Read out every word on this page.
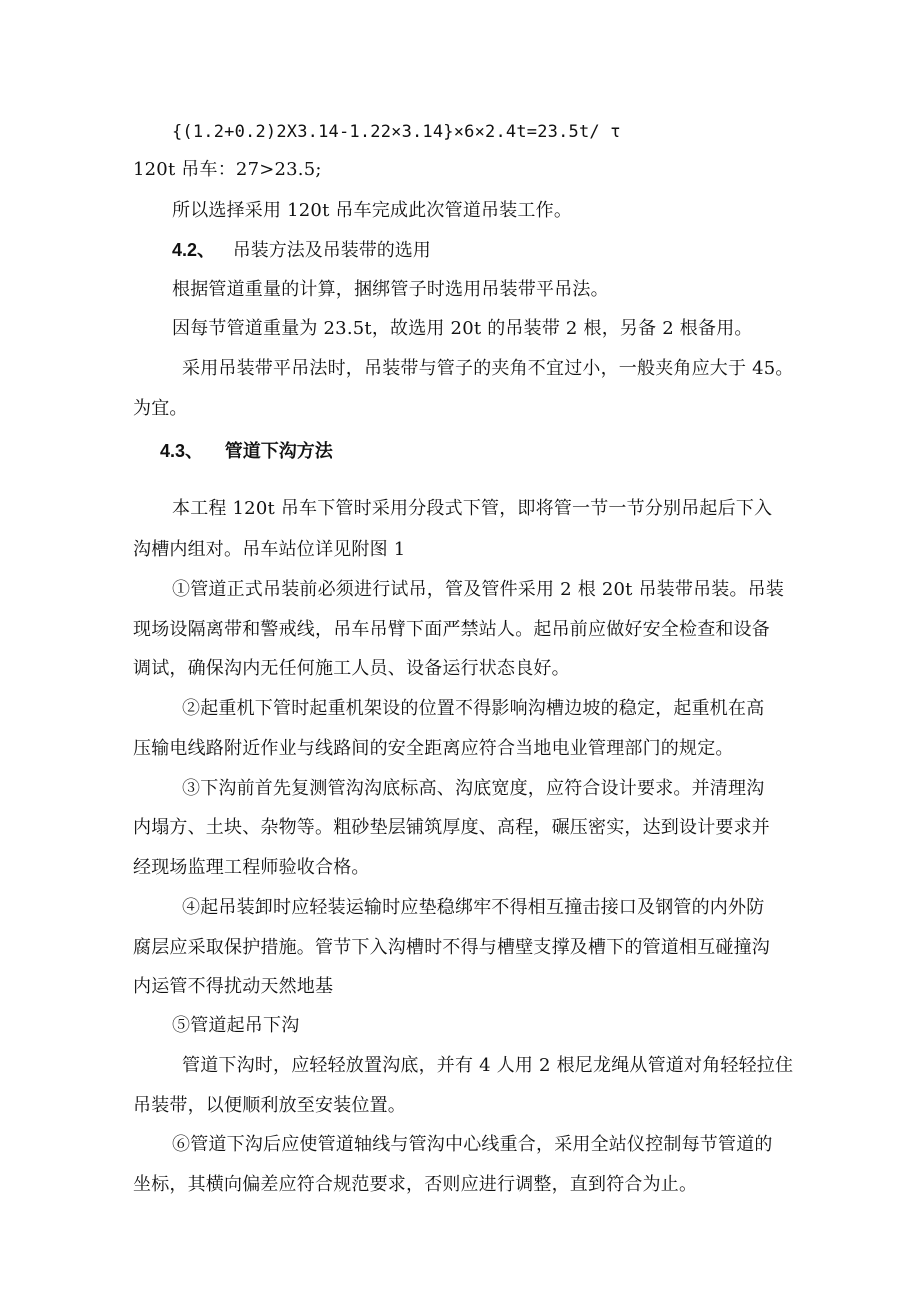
{(1.2+0.2)2X3.14-1.22×3.14}×6×2.4t=23.5t/ τ
120t 吊车：27>23.5;
所以选择采用 120t 吊车完成此次管道吊装工作。
4.2、 吊装方法及吊装带的选用
根据管道重量的计算，捆绑管子时选用吊装带平吊法。
因每节管道重量为 23.5t，故选用 20t 的吊装带 2 根，另备 2 根备用。
采用吊装带平吊法时，吊装带与管子的夹角不宜过小，一般夹角应大于 45。
为宜。
4.3、 管道下沟方法
本工程 120t 吊车下管时采用分段式下管，即将管一节一节分别吊起后下入
沟槽内组对。吊车站位详见附图 1
①管道正式吊装前必须进行试吊，管及管件采用 2 根 20t 吊装带吊装。吊装
现场设隔离带和警戒线，吊车吊臂下面严禁站人。起吊前应做好安全检查和设备
调试，确保沟内无任何施工人员、设备运行状态良好。
②起重机下管时起重机架设的位置不得影响沟槽边坡的稳定，起重机在高
压输电线路附近作业与线路间的安全距离应符合当地电业管理部门的规定。
③下沟前首先复测管沟沟底标高、沟底宽度，应符合设计要求。并清理沟
内塌方、土块、杂物等。粗砂垫层铺筑厚度、高程，碾压密实，达到设计要求并
经现场监理工程师验收合格。
④起吊装卸时应轻装运输时应垫稳绑牢不得相互撞击接口及钢管的内外防
腐层应采取保护措施。管节下入沟槽时不得与槽壁支撑及槽下的管道相互碰撞沟
内运管不得扰动天然地基
⑤管道起吊下沟
管道下沟时，应轻轻放置沟底，并有 4 人用 2 根尼龙绳从管道对角轻轻拉住
吊装带，以便顺利放至安装位置。
⑥管道下沟后应使管道轴线与管沟中心线重合，采用全站仪控制每节管道的
坐标，其横向偏差应符合规范要求，否则应进行调整，直到符合为止。
